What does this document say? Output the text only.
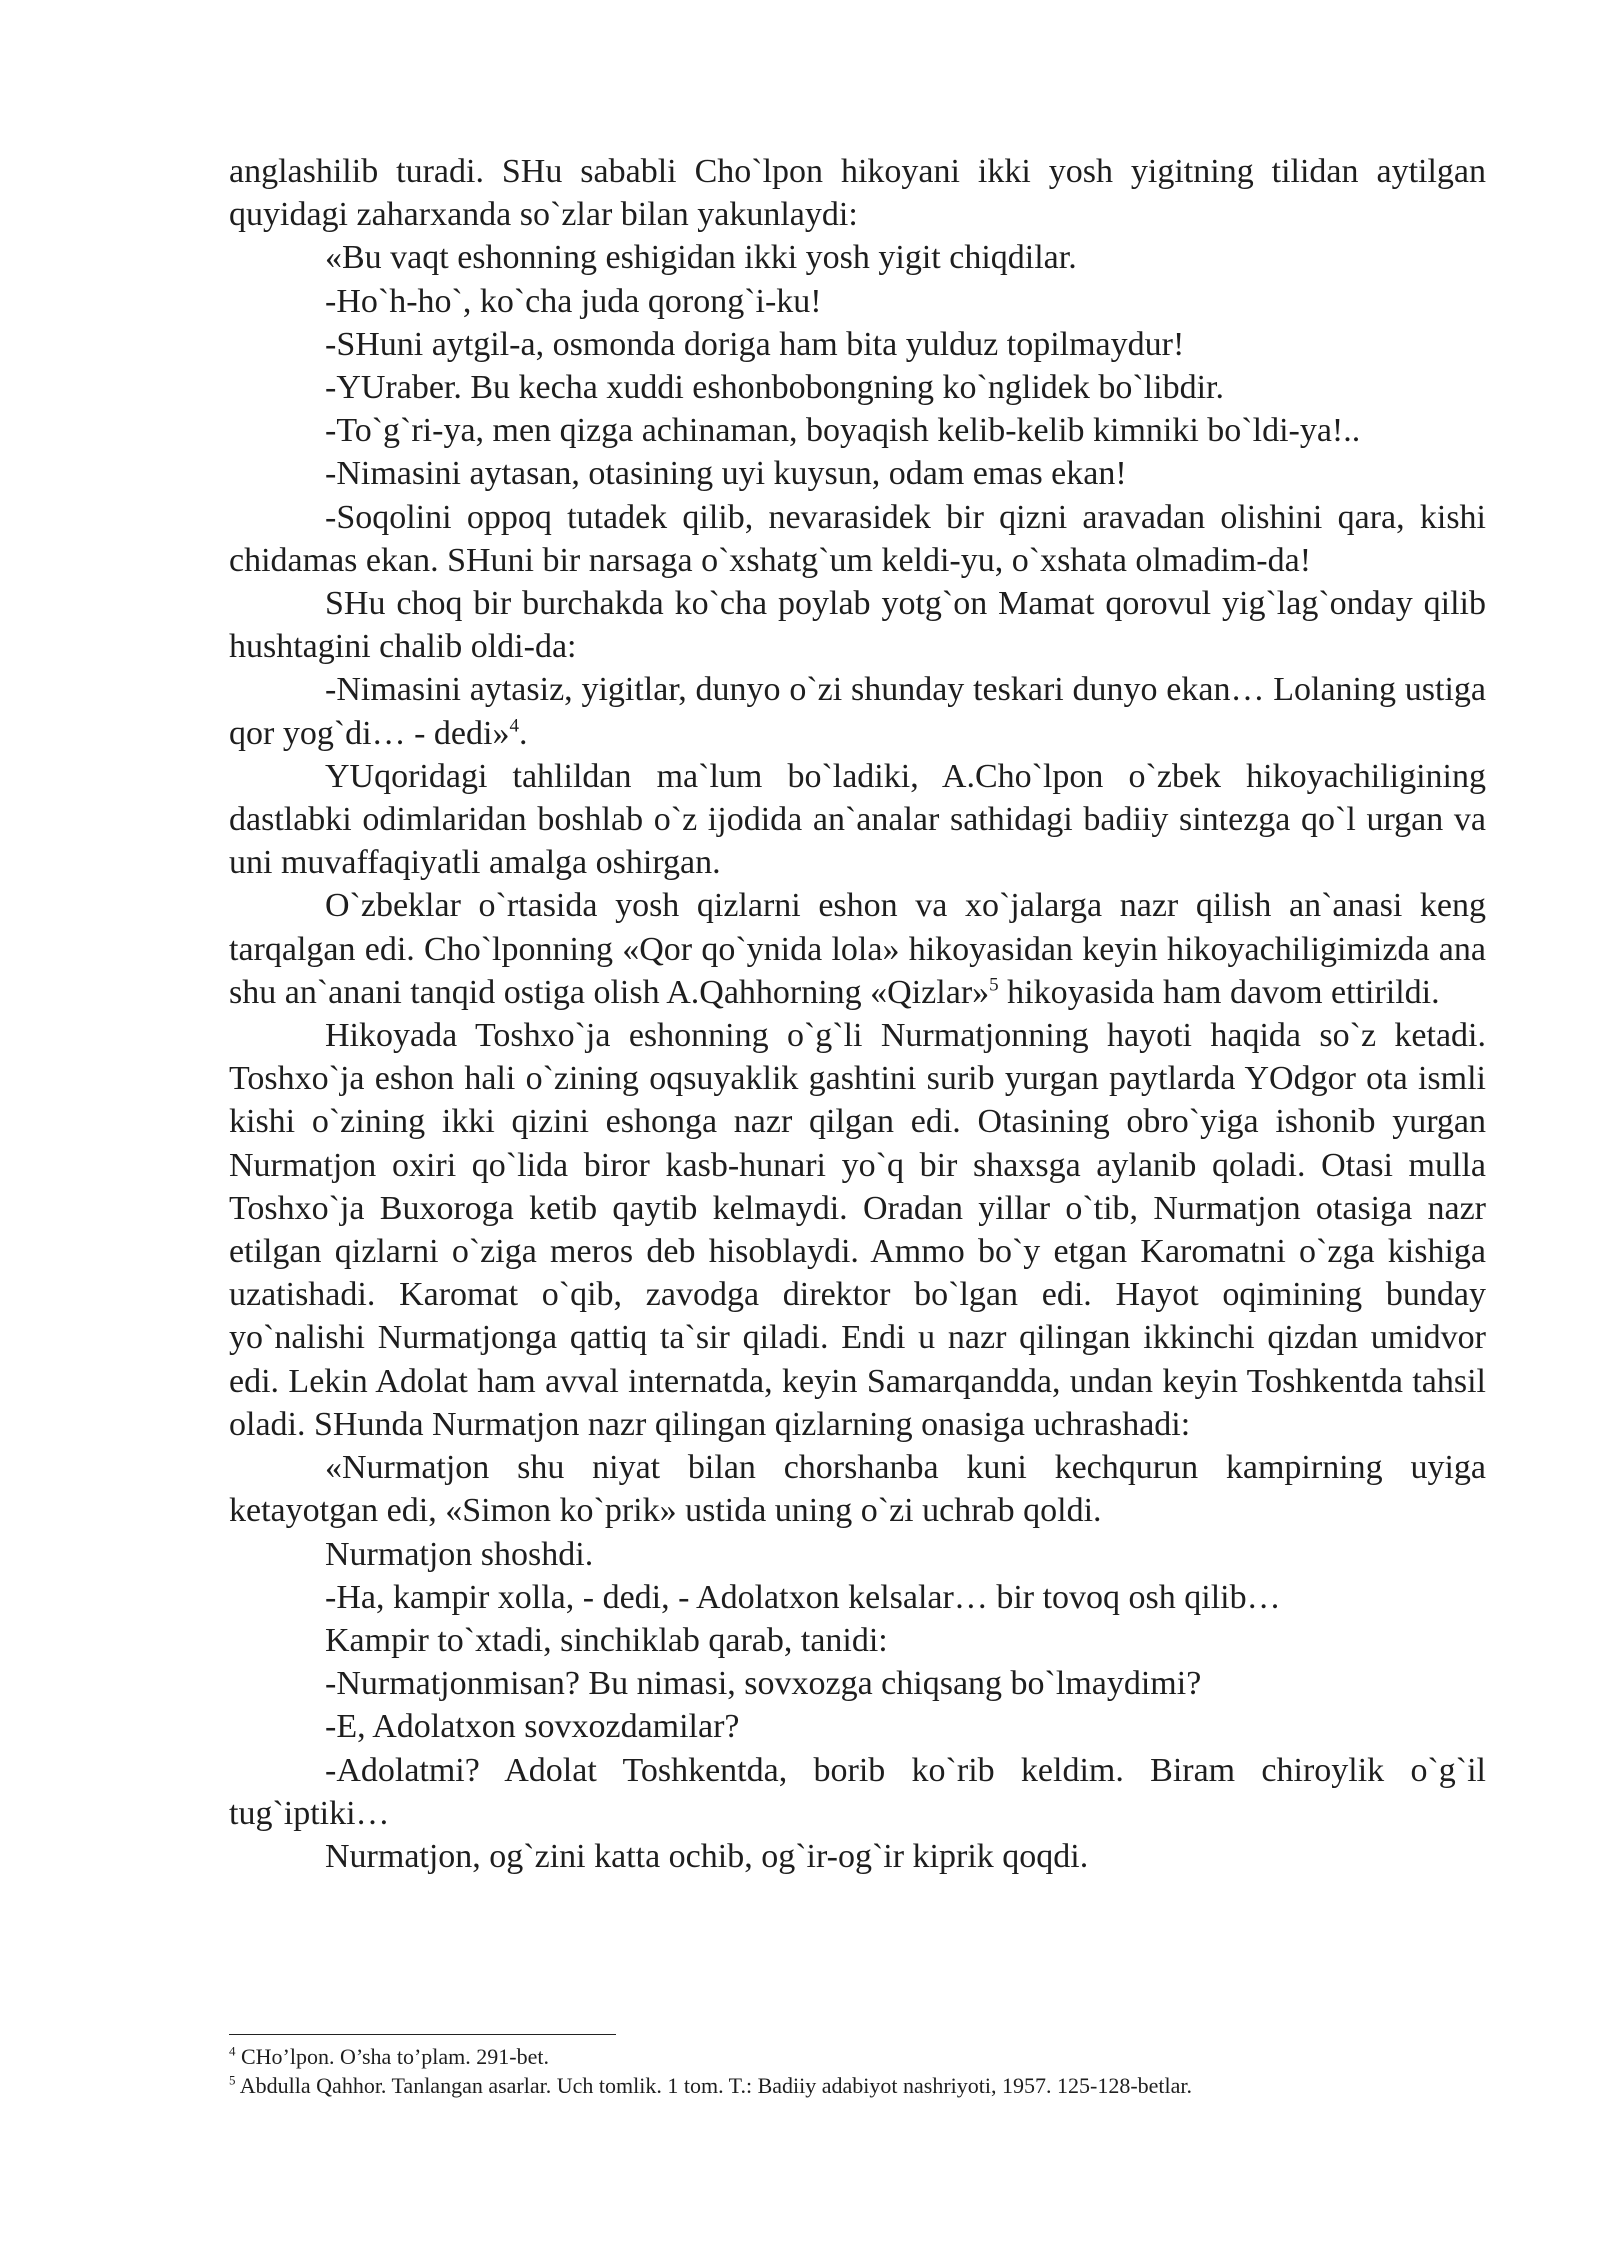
anglashilib turadi. SHu sababli Cho`lpon hikoyani ikki yosh yigitning tilidan aytilgan quyidagi zaharxanda so`zlar bilan yakunlaydi:

«Bu vaqt eshonning eshigidan ikki yosh yigit chiqdilar.

-Ho`h-ho`, ko`cha juda qorong`i-ku!

-SHuni aytgil-a, osmonda doriga ham bita yulduz topilmaydur!

-YUraber. Bu kecha xuddi eshonbobongning ko`nglidek bo`libdir.

-To`g`ri-ya, men qizga achinaman, boyaqish kelib-kelib kimniki bo`ldi-ya!..

-Nimasini aytasan, otasining uyi kuysun, odam emas ekan!

-Soqolini oppoq tutadek qilib, nevarasidek bir qizni aravadan olishini qara, kishi chidamas ekan. SHuni bir narsaga o`xshatg`um keldi-yu, o`xshata olmadim-da!

SHu choq bir burchakda ko`cha poylab yotg`on Mamat qorovul yig`lag`onday qilib hushtagini chalib oldi-da:

-Nimasini aytasiz, yigitlar, dunyo o`zi shunday teskari dunyo ekan… Lolaning ustiga qor yog`di… - dedi»$^4$.

YUqoridagi tahlildan ma`lum bo`ladiki, A.Cho`lpon o`zbek hikoyachiligining dastlabki odimlaridan boshlab o`z ijodida an`analar sathidagi badiiy sintezga qo`l urgan va uni muvaffaqiyatli amalga oshirgan.

O`zbeklar o`rtasida yosh qizlarni eshon va xo`jalarga nazr qilish an`anasi keng tarqalgan edi. Cho`lponning «Qor qo`ynida lola» hikoyasidan keyin hikoyachiligimizda ana shu an`anani tanqid ostiga olish A.Qahhorning «Qizlar»$^5$ hikoyasida ham davom ettirildi.

Hikoyada Toshxo`ja eshonning o`g`li Nurmatjonning hayoti haqida so`z ketadi. Toshxo`ja eshon hali o`zining oqsuyaklik gashtini surib yurgan paytlarda YOdgor ota ismli kishi o`zining ikki qizini eshonga nazr qilgan edi. Otasining obro`yiga ishonib yurgan Nurmatjon oxiri qo`lida biror kasb-hunari yo`q bir shaxsga aylanib qoladi. Otasi mulla Toshxo`ja Buxoroga ketib qaytib kelmaydi. Oradan yillar o`tib, Nurmatjon otasiga nazr etilgan qizlarni o`ziga meros deb hisoblaydi. Ammo bo`y etgan Karomatni o`zga kishiga uzatishadi. Karomat o`qib, zavodga direktor bo`lgan edi. Hayot oqimining bunday yo`nalishi Nurmatjonga qattiq ta`sir qiladi. Endi u nazr qilingan ikkinchi qizdan umidvor edi. Lekin Adolat ham avval internatda, keyin Samarqandda, undan keyin Toshkentda tahsil oladi. SHunda Nurmatjon nazr qilingan qizlarning onasiga uchrashadi:

«Nurmatjon shu niyat bilan chorshanba kuni kechqurun kampirning uyiga ketayotgan edi, «Simon ko`prik» ustida uning o`zi uchrab qoldi.

Nurmatjon shoshdi.

-Ha, kampir xolla, - dedi, - Adolatxon kelsalar… bir tovoq osh qilib…

Kampir to`xtadi, sinchiklab qarab, tanidi:

-Nurmatjonmisan? Bu nimasi, sovxozga chiqsang bo`lmaydimi?

-E, Adolatxon sovxozdamilar?

-Adolatmi? Adolat Toshkentda, borib ko`rib keldim. Biram chiroylik o`g`il tug`iptiki…

Nurmatjon, og`zini katta ochib, og`ir-og`ir kiprik qoqdi.

$^4$ CHo’lpon. O’sha to’plam. 291-bet.

$^5$ Abdulla Qahhor. Tanlangan asarlar. Uch tomlik. 1 tom. T.: Badiiy adabiyot nashriyoti, 1957. 125-128-betlar.
